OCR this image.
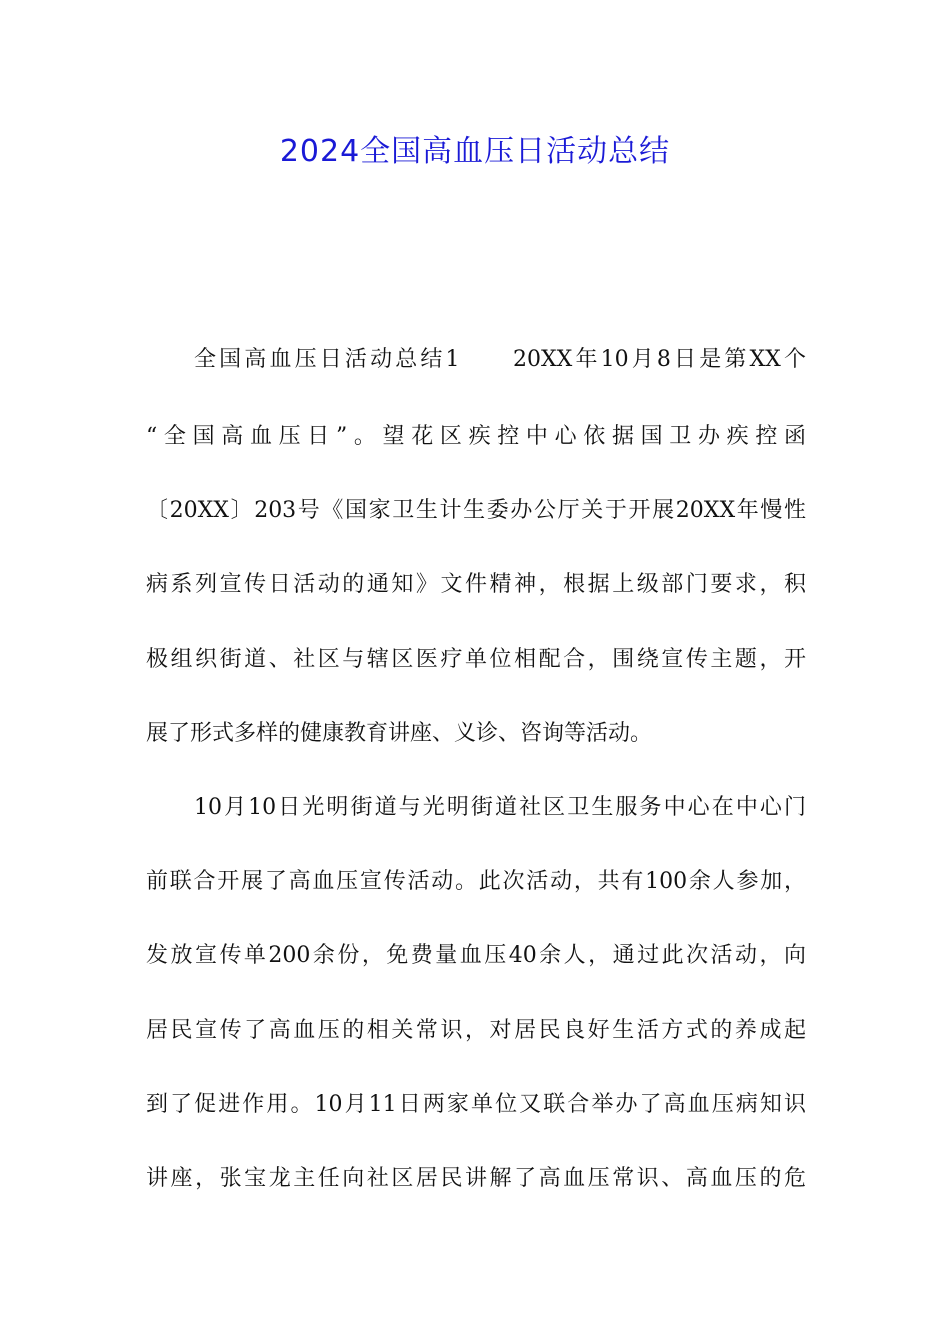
2024全国高血压日活动总结
全国高血压日活动总结1　　20XX年10月8日是第XX个
“全国高血压日”。望花区疾控中心依据国卫办疾控函
〔20XX〕203号《国家卫生计生委办公厅关于开展20XX年慢性
病系列宣传日活动的通知》文件精神，根据上级部门要求，积
极组织街道、社区与辖区医疗单位相配合，围绕宣传主题，开
展了形式多样的健康教育讲座、义诊、咨询等活动。
10月10日光明街道与光明街道社区卫生服务中心在中心门
前联合开展了高血压宣传活动。此次活动，共有100余人参加，
发放宣传单200余份，免费量血压40余人，通过此次活动，向
居民宣传了高血压的相关常识，对居民良好生活方式的养成起
到了促进作用。10月11日两家单位又联合举办了高血压病知识
讲座，张宝龙主任向社区居民讲解了高血压常识、高血压的危
